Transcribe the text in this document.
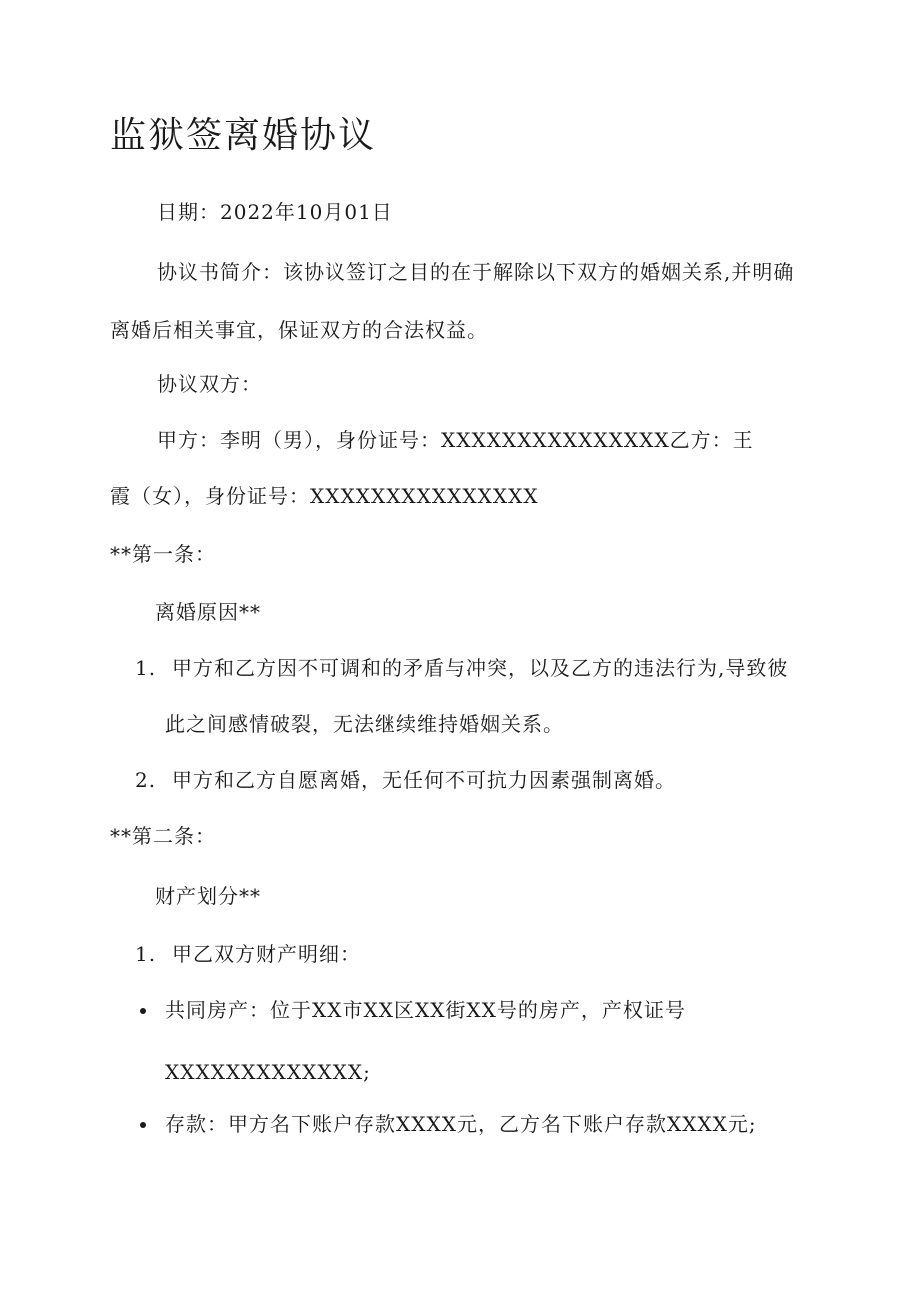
监狱签离婚协议
日期：2022年10月01日
协议书简介：该协议签订之目的在于解除以下双方的婚姻关系,并明确
离婚后相关事宜，保证双方的合法权益。
协议双方：
甲方：李明（男），身份证号：XXXXXXXXXXXXXXX乙方：王
霞（女），身份证号：XXXXXXXXXXXXXXX
**第一条：
离婚原因**
1. 甲方和乙方因不可调和的矛盾与冲突，以及乙方的违法行为,导致彼
此之间感情破裂，无法继续维持婚姻关系。
2. 甲方和乙方自愿离婚，无任何不可抗力因素强制离婚。
**第二条：
财产划分**
1. 甲乙双方财产明细：
共同房产：位于XX市XX区XX街XX号的房产，产权证号
XXXXXXXXXXXXX;
存款：甲方名下账户存款XXXX元，乙方名下账户存款XXXX元;
